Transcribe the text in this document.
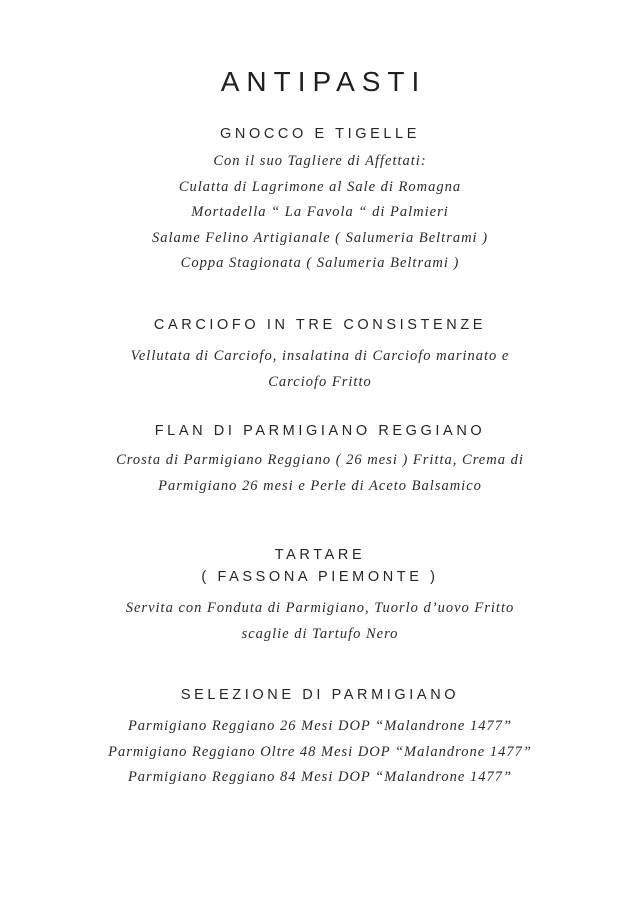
ANTIPASTI
GNOCCO E TIGELLE

Con il suo Tagliere di Affettati:
Culatta di Lagrimone al Sale di Romagna
Mortadella “ La Favola “ di Palmieri
Salame Felino Artigianale ( Salumeria Beltrami )
Coppa Stagionata ( Salumeria Beltrami )

CARCIOFO IN TRE CONSISTENZE

Vellutata di Carciofo, insalatina di Carciofo marinato e
Carciofo Fritto

FLAN DI PARMIGIANO REGGIANO

Crosta di Parmigiano Reggiano ( 26 mesi ) Fritta, Crema di
Parmigiano 26 mesi e Perle di Aceto Balsamico

TARTARE
( FASSONA PIEMONTE )

Servita con Fonduta di Parmigiano, Tuorlo d’uovo Fritto
scaglie di Tartufo Nero

SELEZIONE DI PARMIGIANO

Parmigiano Reggiano 26 Mesi DOP “Malandrone 1477”
Parmigiano Reggiano Oltre 48 Mesi DOP “Malandrone 1477”
Parmigiano Reggiano 84 Mesi DOP “Malandrone 1477”
